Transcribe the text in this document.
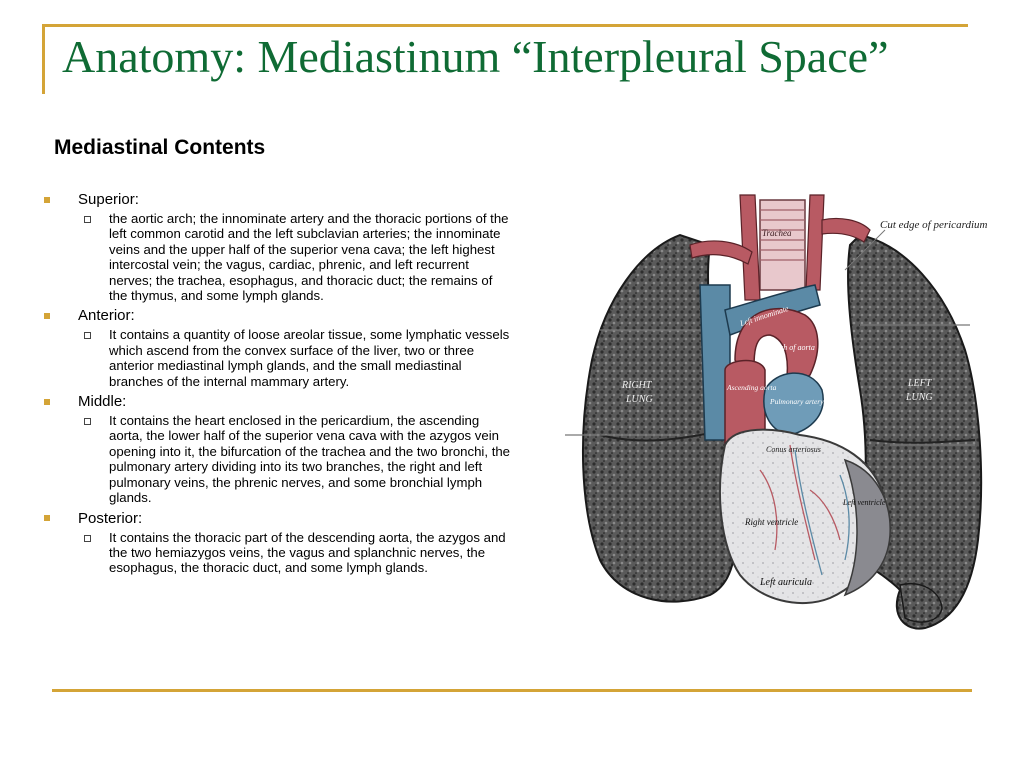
Anatomy: Mediastinum “Interpleural Space”
Mediastinal Contents
Superior:

the aortic arch; the innominate artery and the thoracic portions of the left common carotid and the left subclavian arteries; the innominate veins and the upper half of the superior vena cava; the left highest intercostal vein; the vagus, cardiac, phrenic, and left recurrent nerves; the trachea, esophagus, and thoracic duct; the remains of the thymus, and some lymph glands.

Anterior:

It contains a quantity of loose areolar tissue, some lymphatic vessels which ascend from the convex surface of the liver, two or three anterior mediastinal lymph glands, and the small mediastinal branches of the internal mammary artery.

Middle:

It contains the heart enclosed in the pericardium, the ascending aorta, the lower half of the superior vena cava with the azygos vein opening into it, the bifurcation of the trachea and the two bronchi, the pulmonary artery dividing into its two branches, the right and left pulmonary veins, the phrenic nerves, and some bronchial lymph glands.

Posterior:

It contains the thoracic part of the descending aorta, the azygos and the two hemiazygos veins, the vagus and splanchnic nerves, the esophagus, the thoracic duct, and some lymph glands.

Cut edge of pericardium
RIGHT
LUNG
LEFT
LUNG
Trachea
Left innominate
Arch of aorta
Ascending aorta
Pulmonary artery
Conus arteriosus
Right ventricle
Left ventricle
Left auricula
